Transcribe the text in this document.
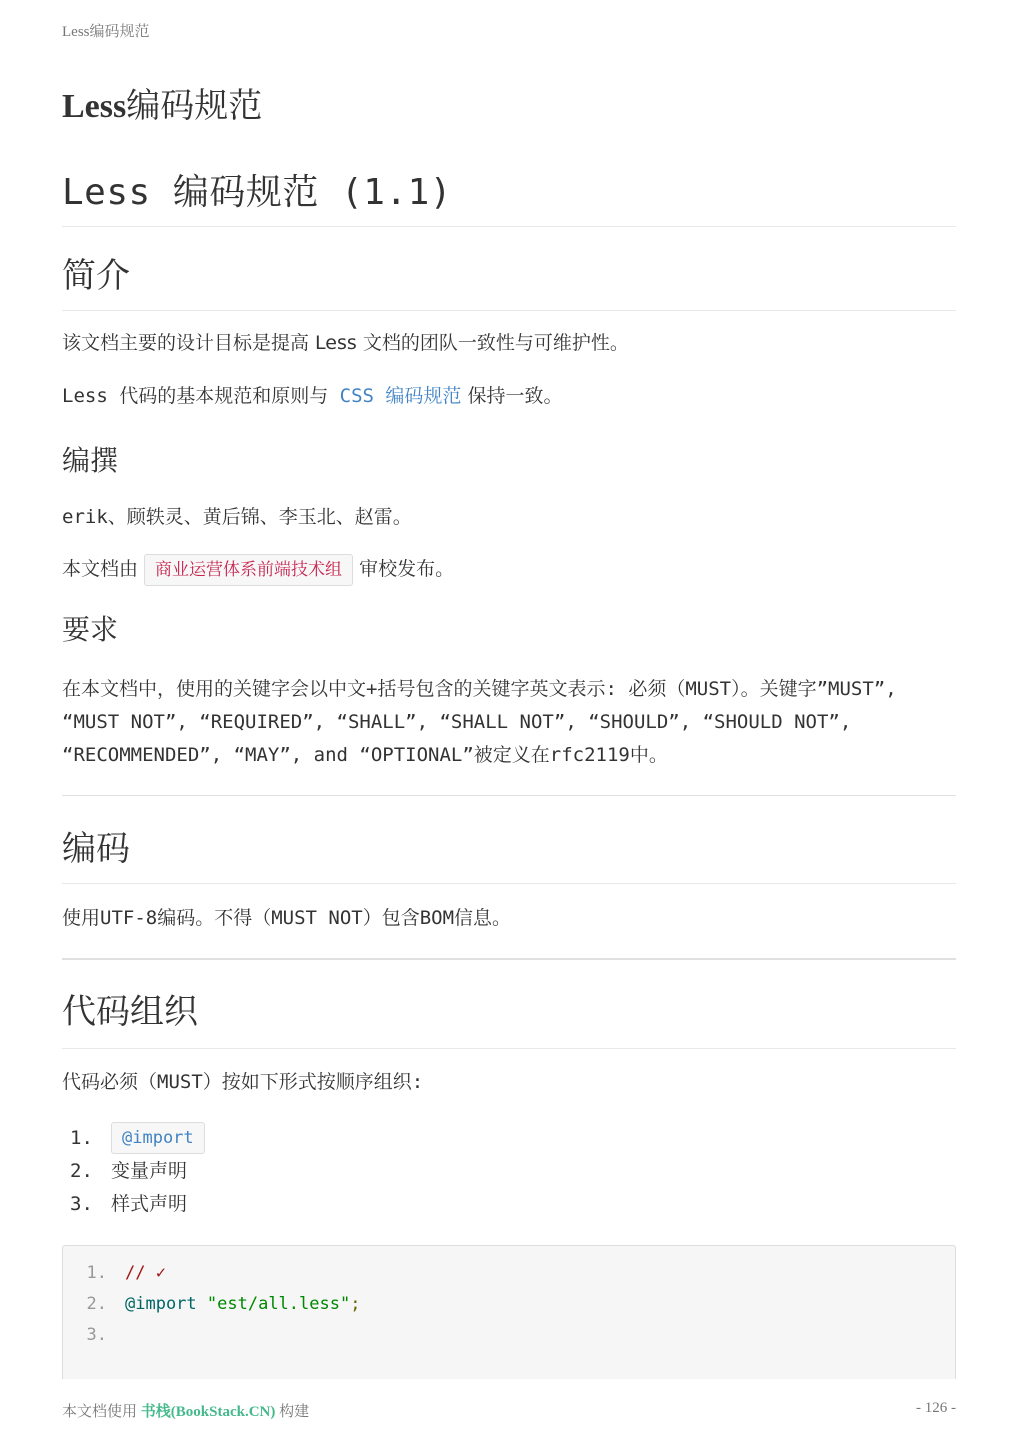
Less编码规范
Less编码规范
Less 编码规范 (1.1)
简介

该文档主要的设计目标是提高 Less 文档的团队一致性与可维护性。

Less 代码的基本规范和原则与 CSS 编码规范 保持一致。

编撰

erik、顾轶灵、黄后锦、李玉北、赵雷。

本文档由 商业运营体系前端技术组 审校发布。

要求

在本文档中，使用的关键字会以中文+括号包含的关键字英文表示: 必须（MUST）。关键字”MUST”, “MUST NOT”, “REQUIRED”, “SHALL”, “SHALL NOT”, “SHOULD”, “SHOULD NOT”, “RECOMMENDED”, “MAY”, and “OPTIONAL”被定义在rfc2119中。

编码

使用UTF-8编码。不得（MUST NOT）包含BOM信息。

代码组织

代码必须（MUST）按如下形式按顺序组织:

1.	@import
2. 变量声明
3. 样式声明
1.	// ✓
2.	@import
"est/all.less" ;
3.
本文档使用 书栈(BookStack.CN) 构建	- 126 -
